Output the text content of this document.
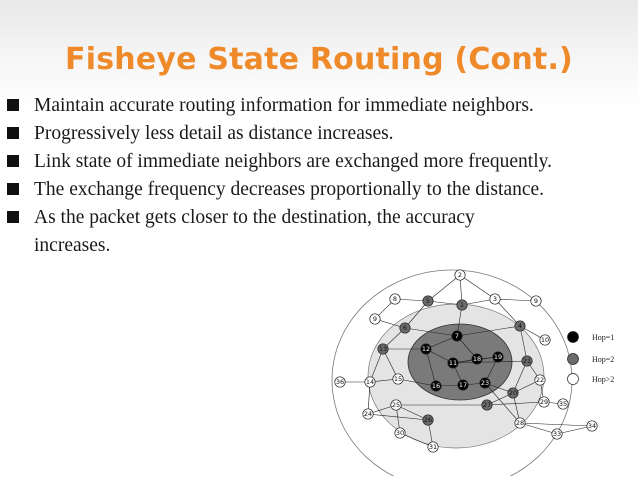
Fisheye State Routing (Cont.)
Maintain accurate routing information for immediate neighbors.
Progressively less detail as distance increases.
Link state of immediate neighbors are exchanged more frequently.
The exchange frequency decreases proportionally to the distance.
As the packet gets closer to the destination, the accuracy
increases.
2
8	5	1
3	9
9
6	4
7	10
13	12
18 19
11	21
36	14	15
16	17 23	22
20
27	29 35
24
25
26	28	34
33
30
31
Hop=1
Hop=2
Hop>2
